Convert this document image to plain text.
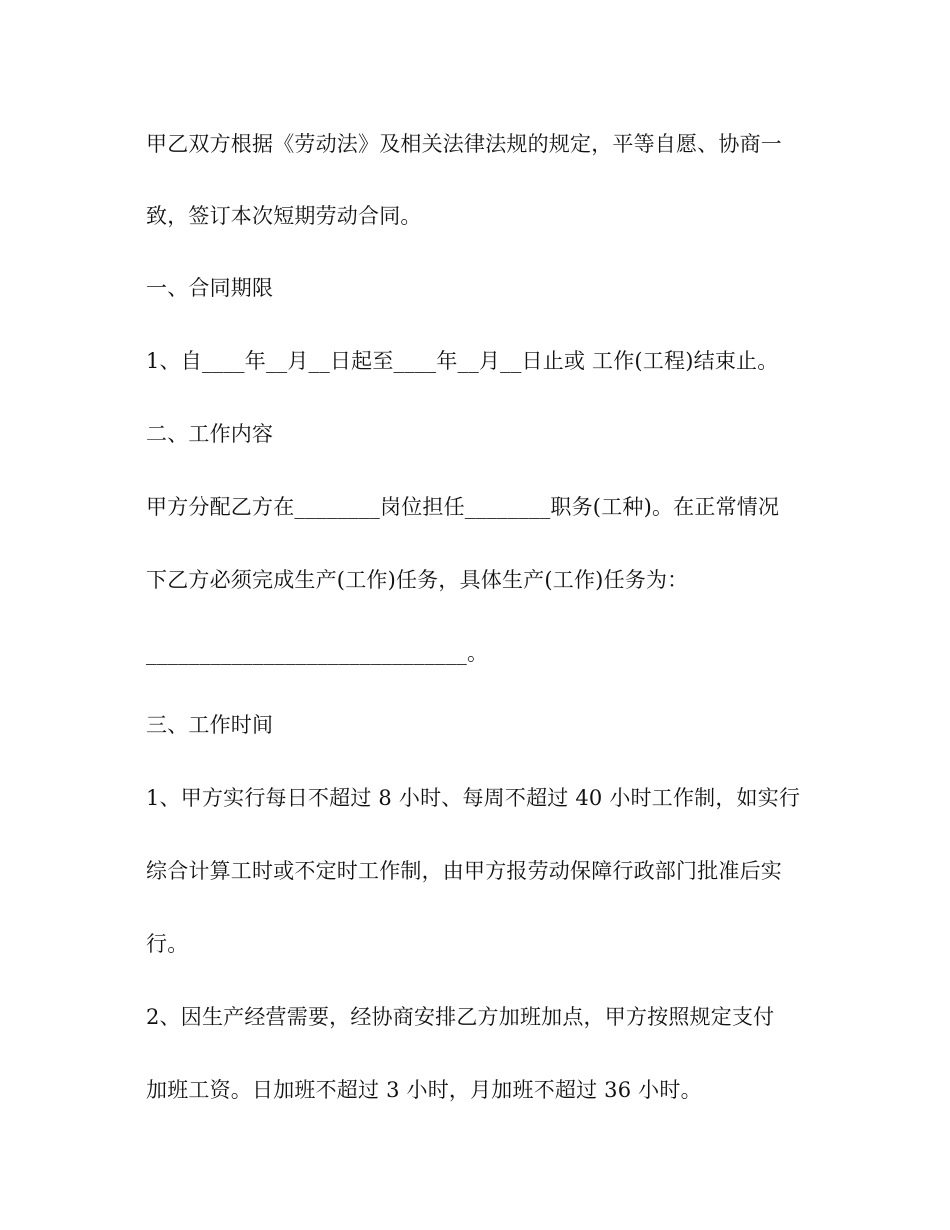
甲乙双方根据《劳动法》及相关法律法规的规定，平等自愿、协商一
致，签订本次短期劳动合同。
一、合同期限
1、自____年__月__日起至____年__月__日止或 工作(工程)结束止。
二、工作内容
甲方分配乙方在________岗位担任________职务(工种)。在正常情况
下乙方必须完成生产(工作)任务，具体生产(工作)任务为：
______________________________。
三、工作时间
1、甲方实行每日不超过 8 小时、每周不超过 40 小时工作制，如实行
综合计算工时或不定时工作制，由甲方报劳动保障行政部门批准后实
行。
2、因生产经营需要，经协商安排乙方加班加点，甲方按照规定支付
加班工资。日加班不超过 3 小时，月加班不超过 36 小时。
